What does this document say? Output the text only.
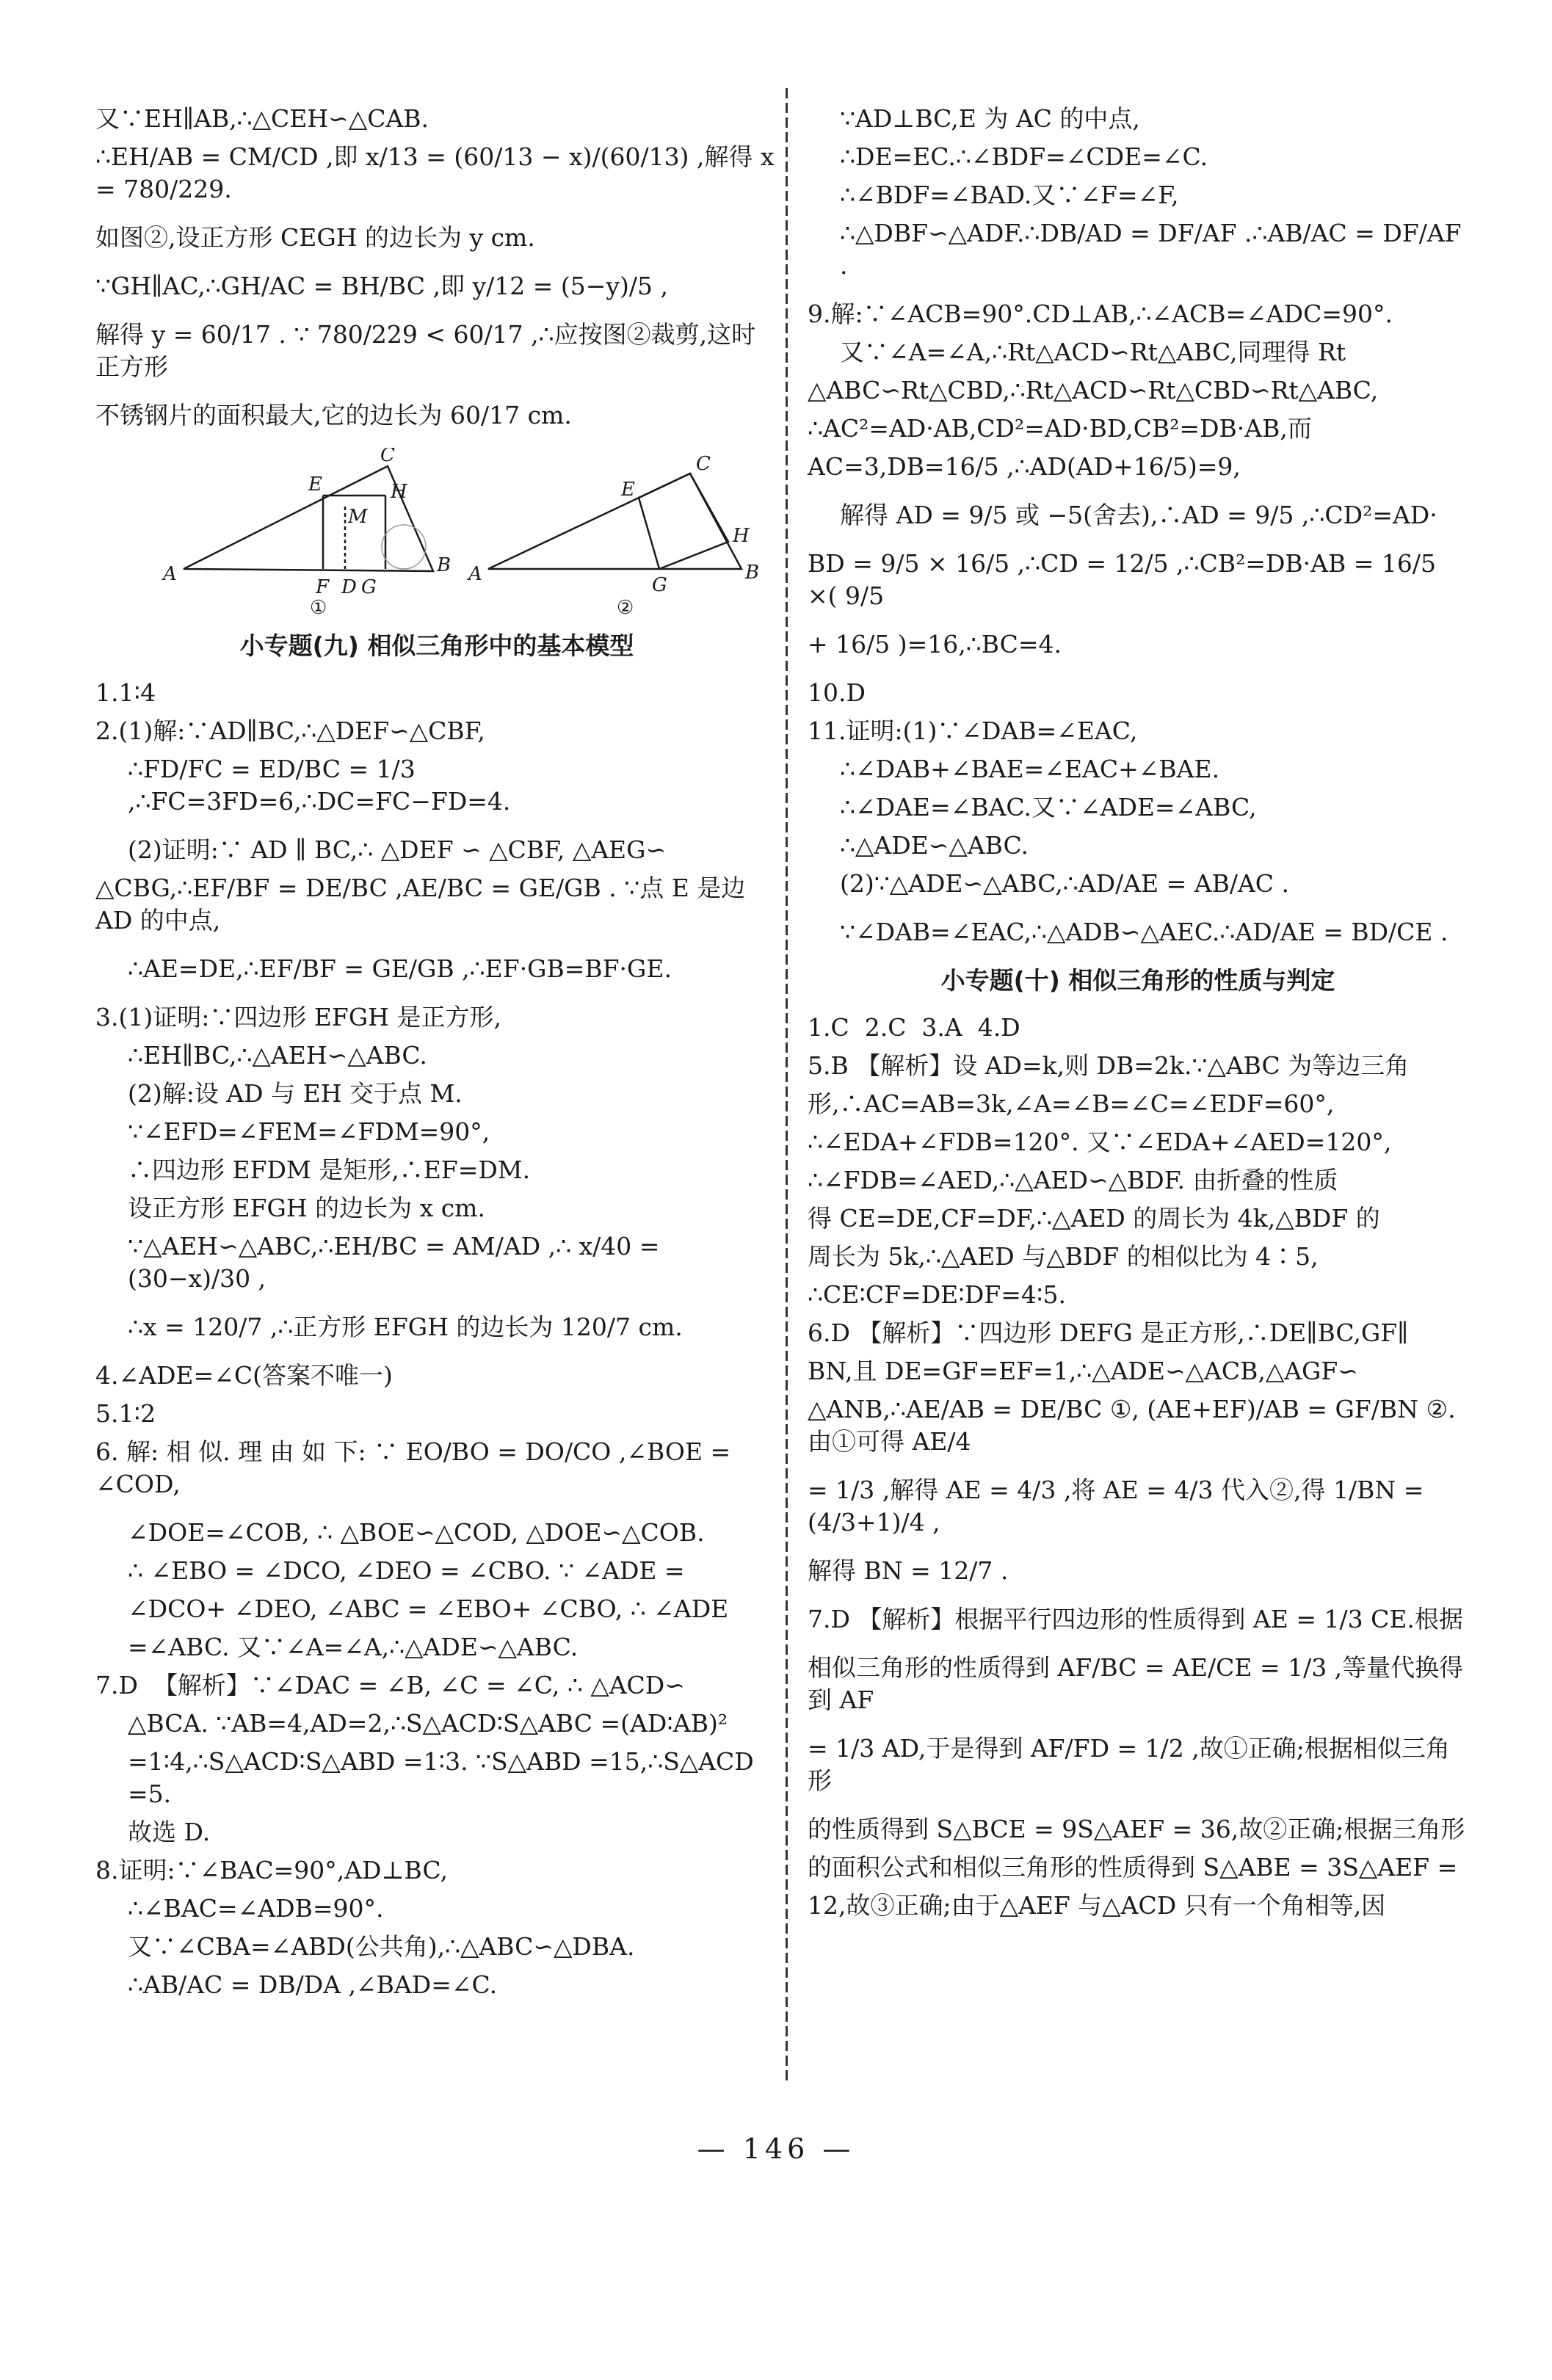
又∵EH∥AB,∴△CEH∽△CAB.
∴EH/AB = CM/CD ,即 x/13 = (60/13 − x)/(60/13) ,解得 x = 780/229.
如图②,设正方形 CEGH 的边长为 y cm.
∵GH∥AC,∴GH/AC = BH/BC ,即 y/12 = (5−y)/5 ,
解得 y = 60/17 . ∵ 780/229 < 60/17 ,∴应按图②裁剪,这时正方形
不锈钢片的面积最大,它的边长为 60/17 cm.
C
E	H
M
A
F D G
B
①
C
E
H
A	G
B
②
小专题(九) 相似三角形中的基本模型
1.1∶4
2.(1)解:∵AD∥BC,∴△DEF∽△CBF,
∴FD/FC = ED/BC = 1/3 ,∴FC=3FD=6,∴DC=FC−FD=4.
(2)证明:∵ AD ∥ BC,∴ △DEF ∽ △CBF, △AEG∽
△CBG,∴EF/BF = DE/BC ,AE/BC = GE/GB . ∵点 E 是边 AD 的中点,
∴AE=DE,∴EF/BF = GE/GB ,∴EF·GB=BF·GE.
3.(1)证明:∵四边形 EFGH 是正方形,
∴EH∥BC,∴△AEH∽△ABC.
(2)解:设 AD 与 EH 交于点 M.
∵∠EFD=∠FEM=∠FDM=90°,
∴四边形 EFDM 是矩形,∴EF=DM.
设正方形 EFGH 的边长为 x cm.
∵△AEH∽△ABC,∴EH/BC = AM/AD ,∴ x/40 = (30−x)/30 ,
∴x = 120/7 ,∴正方形 EFGH 的边长为 120/7 cm.
4.∠ADE=∠C(答案不唯一)
5.1∶2
6. 解: 相 似. 理 由 如 下: ∵ EO/BO = DO/CO ,∠BOE = ∠COD,
∠DOE=∠COB, ∴ △BOE∽△COD, △DOE∽△COB.
∴ ∠EBO = ∠DCO, ∠DEO = ∠CBO. ∵ ∠ADE =
∠DCO+ ∠DEO, ∠ABC = ∠EBO+ ∠CBO, ∴ ∠ADE
=∠ABC. 又∵∠A=∠A,∴△ADE∽△ABC.
7.D  【解析】∵∠DAC = ∠B, ∠C = ∠C, ∴ △ACD∽
△BCA. ∵AB=4,AD=2,∴S△ACD∶S△ABC =(AD∶AB)²
=1∶4,∴S△ACD∶S△ABD =1∶3. ∵S△ABD =15,∴S△ACD =5.
故选 D.
8.证明:∵∠BAC=90°,AD⊥BC,
∴∠BAC=∠ADB=90°.
又∵∠CBA=∠ABD(公共角),∴△ABC∽△DBA.
∴AB/AC = DB/DA ,∠BAD=∠C.
∵AD⊥BC,E 为 AC 的中点,
∴DE=EC.∴∠BDF=∠CDE=∠C.
∴∠BDF=∠BAD.又∵∠F=∠F,
∴△DBF∽△ADF.∴DB/AD = DF/AF .∴AB/AC = DF/AF .
9.解:∵∠ACB=90°.CD⊥AB,∴∠ACB=∠ADC=90°.
又∵∠A=∠A,∴Rt△ACD∽Rt△ABC,同理得 Rt
△ABC∽Rt△CBD,∴Rt△ACD∽Rt△CBD∽Rt△ABC,
∴AC²=AD·AB,CD²=AD·BD,CB²=DB·AB,而
AC=3,DB=16/5 ,∴AD(AD+16/5)=9,
解得 AD = 9/5 或 −5(舍去),∴AD = 9/5 ,∴CD²=AD·
BD = 9/5 × 16/5 ,∴CD = 12/5 ,∴CB²=DB·AB = 16/5 ×( 9/5
+ 16/5 )=16,∴BC=4.
10.D
11.证明:(1)∵∠DAB=∠EAC,
∴∠DAB+∠BAE=∠EAC+∠BAE.
∴∠DAE=∠BAC.又∵∠ADE=∠ABC,
∴△ADE∽△ABC.
(2)∵△ADE∽△ABC,∴AD/AE = AB/AC .
∵∠DAB=∠EAC,∴△ADB∽△AEC.∴AD/AE = BD/CE .
小专题(十) 相似三角形的性质与判定
1.C  2.C  3.A  4.D
5.B 【解析】设 AD=k,则 DB=2k.∵△ABC 为等边三角
形,∴AC=AB=3k,∠A=∠B=∠C=∠EDF=60°,
∴∠EDA+∠FDB=120°. 又∵∠EDA+∠AED=120°,
∴∠FDB=∠AED,∴△AED∽△BDF. 由折叠的性质
得 CE=DE,CF=DF,∴△AED 的周长为 4k,△BDF 的
周长为 5k,∴△AED 与△BDF 的相似比为 4∶5,
∴CE∶CF=DE∶DF=4∶5.
6.D 【解析】∵四边形 DEFG 是正方形,∴DE∥BC,GF∥
BN,且 DE=GF=EF=1,∴△ADE∽△ACB,△AGF∽
△ANB,∴AE/AB = DE/BC ①, (AE+EF)/AB = GF/BN ②. 由①可得 AE/4
= 1/3 ,解得 AE = 4/3 ,将 AE = 4/3 代入②,得 1/BN = (4/3+1)/4 ,
解得 BN = 12/7 .
7.D 【解析】根据平行四边形的性质得到 AE = 1/3 CE.根据
相似三角形的性质得到 AF/BC = AE/CE = 1/3 ,等量代换得到 AF
= 1/3 AD,于是得到 AF/FD = 1/2 ,故①正确;根据相似三角形
的性质得到 S△BCE = 9S△AEF = 36,故②正确;根据三角形
的面积公式和相似三角形的性质得到 S△ABE = 3S△AEF =
12,故③正确;由于△AEF 与△ACD 只有一个角相等,因
— 146 —
